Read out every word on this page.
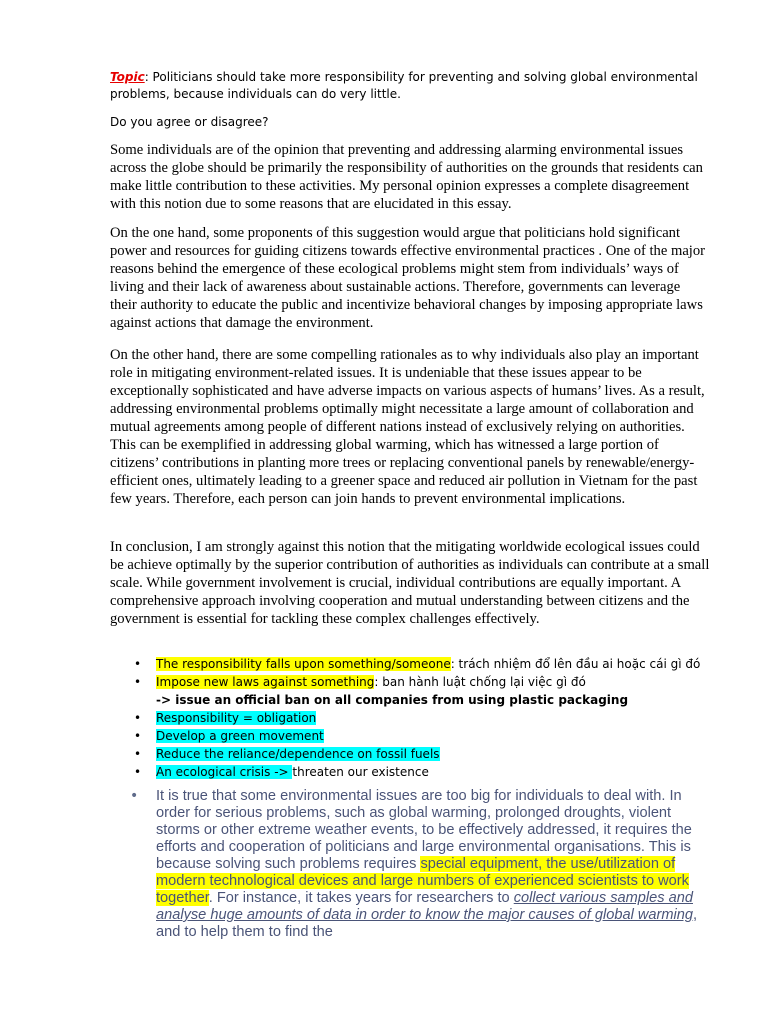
Topic: Politicians should take more responsibility for preventing and solving global environmental problems, because individuals can do very little.

Do you agree or disagree?

Some individuals are of the opinion that preventing and addressing alarming environmental issues across the globe should be primarily the responsibility of authorities on the grounds that residents can make little contribution to these activities. My personal opinion expresses a complete disagreement with this notion due to some reasons that are elucidated in this essay.

On the one hand, some proponents of this suggestion would argue that politicians hold significant power and resources for guiding citizens towards effective environmental practices . One of the major reasons behind the emergence of these ecological problems might stem from individuals’ ways of living and their lack of awareness about sustainable actions. Therefore, governments can leverage their authority to educate the public and incentivize behavioral changes by imposing appropriate laws against actions that damage the environment.

On the other hand, there are some compelling rationales as to why individuals also play an important role in mitigating environment-related issues. It is undeniable that these issues appear to be exceptionally sophisticated and have adverse impacts on various aspects of humans’ lives. As a result, addressing environmental problems optimally might necessitate a large amount of collaboration and mutual agreements among people of different nations instead of exclusively relying on authorities. This can be exemplified in addressing global warming, which has witnessed a large portion of citizens’ contributions in planting more trees or replacing conventional panels by renewable/energy-efficient ones, ultimately leading to a greener space and reduced air pollution in Vietnam for the past few years. Therefore, each person can join hands to prevent environmental implications.

In conclusion, I am strongly against this notion that the mitigating worldwide ecological issues could be achieve optimally by the superior contribution of authorities as individuals can contribute at a small scale. While government involvement is crucial, individual contributions are equally important. A comprehensive approach involving cooperation and mutual understanding between citizens and the government is essential for tackling these complex challenges effectively.

• The responsibility falls upon something/someone: trách nhiệm đổ lên đầu ai hoặc cái gì đó
• Impose new laws against something: ban hành luật chống lại việc gì đó
-> issue an official ban on all companies from using plastic packaging
• Responsibility = obligation
• Develop a green movement
• Reduce the reliance/dependence on fossil fuels
• An ecological crisis -> threaten our existence
• It is true that some environmental issues are too big for individuals to deal with. In order for serious problems, such as global warming, prolonged droughts, violent storms or other extreme weather events, to be effectively addressed, it requires the efforts and cooperation of politicians and large environmental organisations. This is because solving such problems requires special equipment, the use/utilization of modern technological devices and large numbers of experienced scientists to work together. For instance, it takes years for researchers to collect various samples and analyse huge amounts of data in order to know the major causes of global warming, and to help them to find the
